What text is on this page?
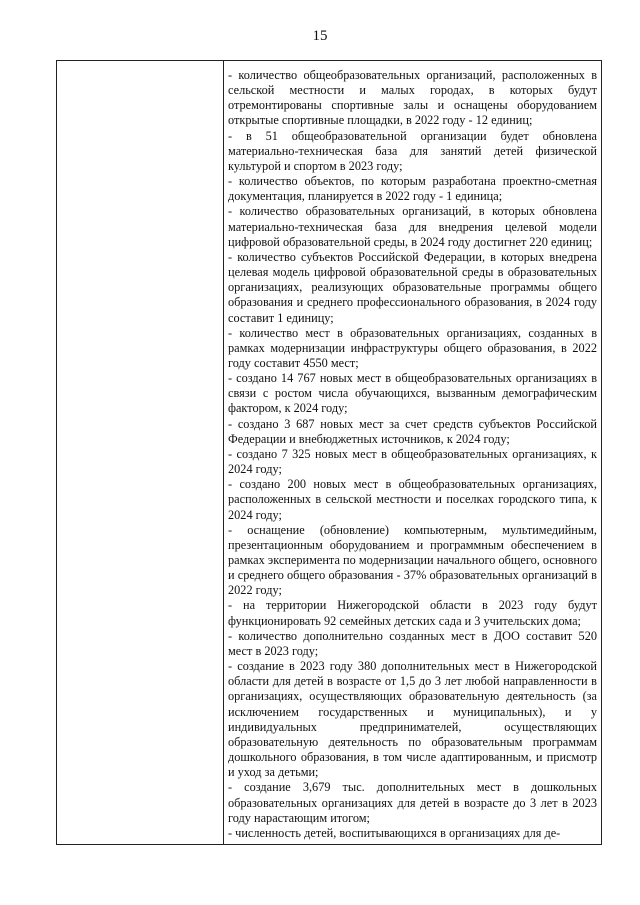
15

- количество общеобразовательных организаций, расположенных в сельской местности и малых городах, в которых будут отремонтированы спортивные залы и оснащены оборудованием открытые спортивные площадки, в 2022 году - 12 единиц;

- в 51 общеобразовательной организации будет обновлена материально-техническая база для занятий детей физической культурой и спортом в 2023 году;

- количество объектов, по которым разработана проектно-сметная документация, планируется в 2022 году - 1 единица;

- количество образовательных организаций, в которых обновлена материально-техническая база для внедрения целевой модели цифровой образовательной среды, в 2024 году достигнет 220 единиц;

- количество субъектов Российской Федерации, в которых внедрена целевая модель цифровой образовательной среды в образовательных организациях, реализующих образовательные программы общего образования и среднего профессионального образования, в 2024 году составит 1 единицу;

- количество мест в образовательных организациях, созданных в рамках модернизации инфраструктуры общего образования, в 2022 году составит 4550 мест;

- создано 14 767 новых мест в общеобразовательных организациях в связи с ростом числа обучающихся, вызванным демографическим фактором, к 2024 году;

- создано 3 687 новых мест за счет средств субъектов Российской Федерации и внебюджетных источников, к 2024 году;

- создано 7 325 новых мест в общеобразовательных организациях, к 2024 году;

- создано 200 новых мест в общеобразовательных организациях, расположенных в сельской местности и поселках городского типа, к 2024 году;

- оснащение (обновление) компьютерным, мультимедийным, презентационным оборудованием и программным обеспечением в рамках эксперимента по модернизации начального общего, основного и среднего общего образования - 37% образовательных организаций в 2022 году;

- на территории Нижегородской области в 2023 году будут функционировать 92 семейных детских сада и 3 учительских дома;

- количество дополнительно созданных мест в ДОО составит 520 мест в 2023 году;

- создание в 2023 году 380 дополнительных мест в Нижегородской области для детей в возрасте от 1,5 до 3 лет любой направленности в организациях, осуществляющих образовательную деятельность (за исключением государственных и муниципальных), и у индивидуальных предпринимателей, осуществляющих образовательную деятельность по образовательным программам дошкольного образования, в том числе адаптированным, и присмотр и уход за детьми;

- создание 3,679 тыс. дополнительных мест в дошкольных образовательных организациях для детей в возрасте до 3 лет в 2023 году нарастающим итогом;

- численность детей, воспитывающихся в организациях для де-
